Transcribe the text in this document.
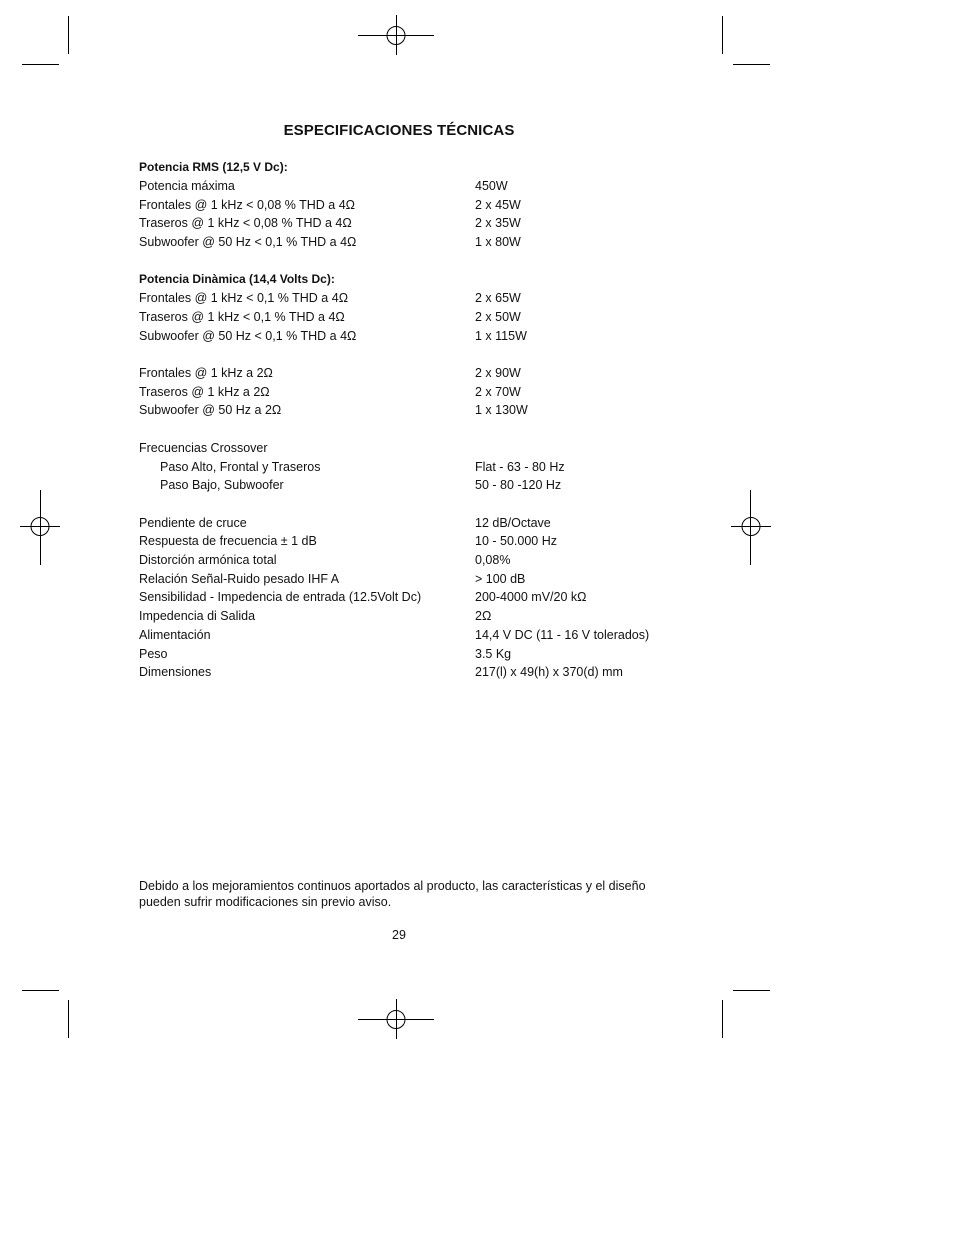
ESPECIFICACIONES TÉCNICAS
Potencia RMS (12,5 V Dc):
Potencia máxima	450W
Frontales @ 1 kHz < 0,08 % THD a 4Ω	2 x 45W
Traseros @ 1 kHz < 0,08 % THD a 4Ω	2 x 35W
Subwoofer @ 50 Hz < 0,1 % THD a 4Ω	1 x 80W
Potencia Dinàmica (14,4 Volts Dc):
Frontales @ 1 kHz < 0,1 % THD a 4Ω	2 x 65W
Traseros @ 1 kHz < 0,1 % THD a 4Ω	2 x 50W
Subwoofer @ 50 Hz < 0,1 % THD a 4Ω	1 x 115W
Frontales @ 1 kHz a 2Ω	2 x 90W
Traseros @ 1 kHz a 2Ω	2 x 70W
Subwoofer @ 50 Hz a 2Ω	1 x 130W
Frecuencias Crossover
Paso Alto, Frontal y Traseros	Flat - 63 - 80 Hz
Paso Bajo, Subwoofer	50 - 80 -120 Hz
Pendiente de cruce	12 dB/Octave
Respuesta de frecuencia ± 1 dB	10 - 50.000 Hz
Distorción armónica total	0,08%
Relación Señal-Ruido pesado IHF A	> 100 dB
Sensibilidad - Impedencia de entrada (12.5Volt Dc)	200-4000 mV/20 kΩ
Impedencia di Salida	2Ω
Alimentación	14,4 V DC (11 - 16 V tolerados)
Peso	3.5 Kg
Dimensiones	217(l) x 49(h) x 370(d) mm
Debido a los mejoramientos continuos aportados al producto, las características y el diseño
pueden sufrir modificaciones sin previo aviso.
29
